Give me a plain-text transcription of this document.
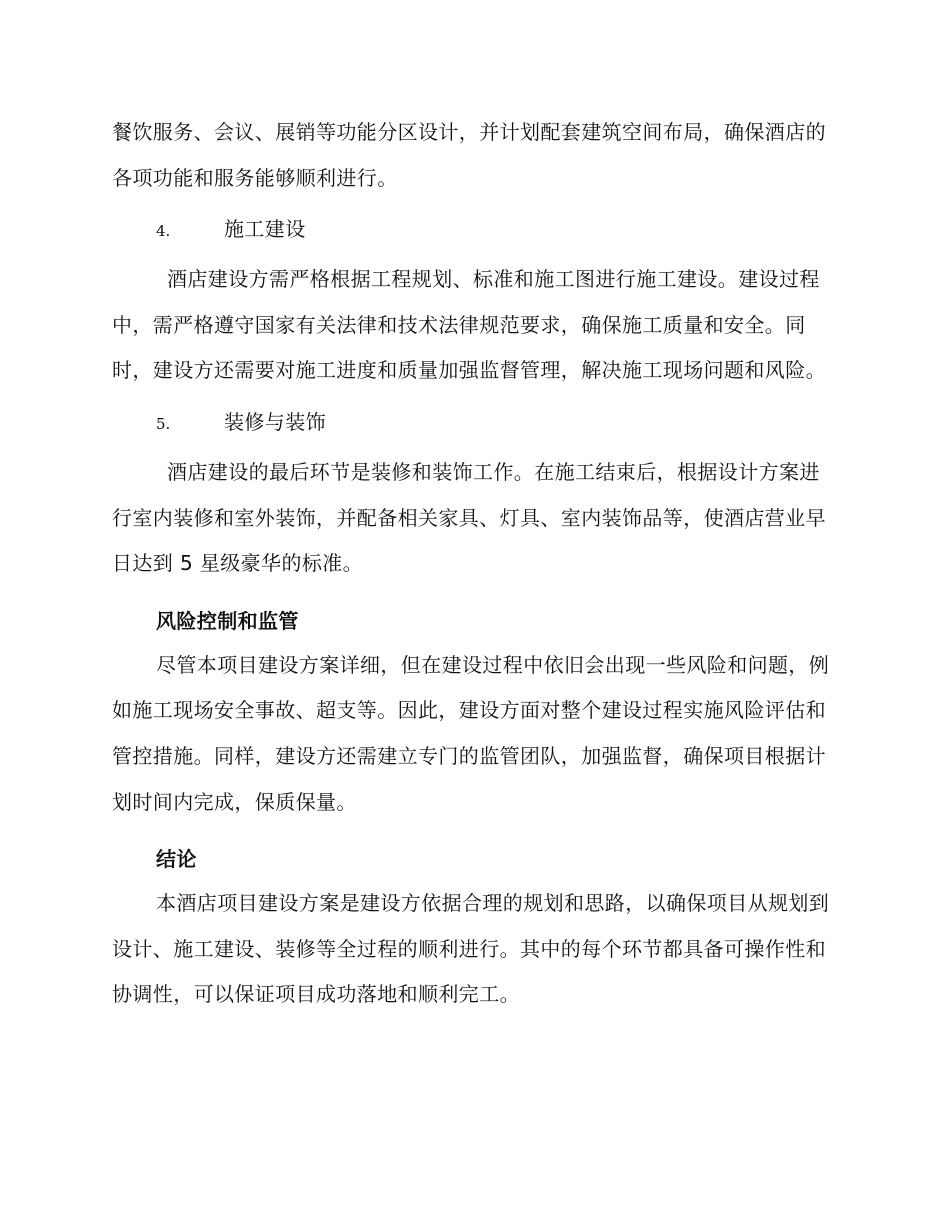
餐饮服务、会议、展销等功能分区设计，并计划配套建筑空间布局，确保酒店的各项功能和服务能够顺利进行。

4.	施工建设

酒店建设方需严格根据工程规划、标准和施工图进行施工建设。建设过程中，需严格遵守国家有关法律和技术法律规范要求，确保施工质量和安全。同时，建设方还需要对施工进度和质量加强监督管理，解决施工现场问题和风险。

5.	装修与装饰

酒店建设的最后环节是装修和装饰工作。在施工结束后，根据设计方案进行室内装修和室外装饰，并配备相关家具、灯具、室内装饰品等，使酒店营业早日达到 5 星级豪华的标准。

风险控制和监管

尽管本项目建设方案详细，但在建设过程中依旧会出现一些风险和问题，例如施工现场安全事故、超支等。因此，建设方面对整个建设过程实施风险评估和管控措施。同样，建设方还需建立专门的监管团队，加强监督，确保项目根据计划时间内完成，保质保量。

结论

本酒店项目建设方案是建设方依据合理的规划和思路，以确保项目从规划到设计、施工建设、装修等全过程的顺利进行。其中的每个环节都具备可操作性和协调性，可以保证项目成功落地和顺利完工。
